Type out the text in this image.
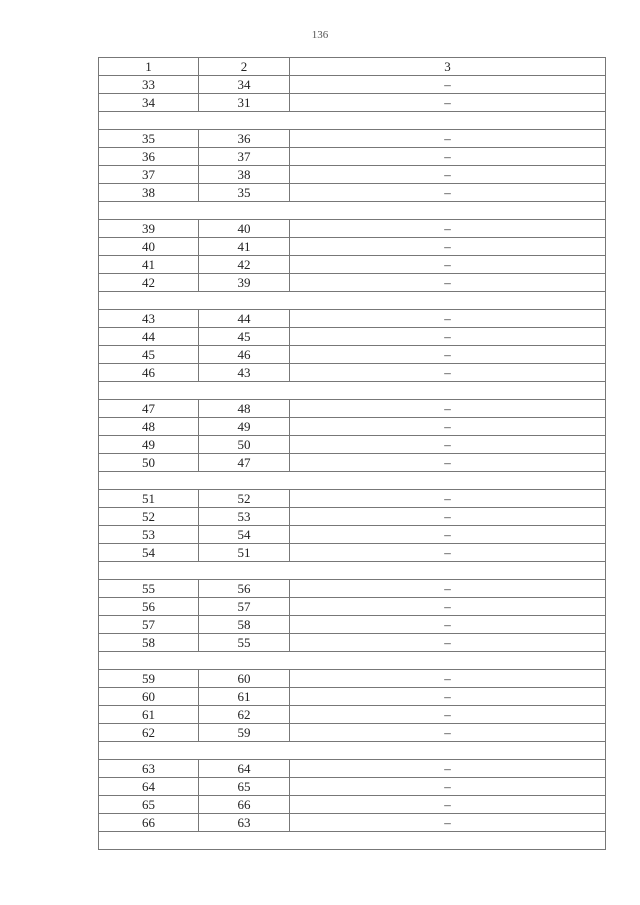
136
1	2	3
33	34	–
34	31	–
35	36	–
36	37	–
37	38	–
38	35	–
39	40	–
40	41	–
41	42	–
42	39	–
43	44	–
44	45	–
45	46	–
46	43	–
47	48	–
48	49	–
49	50	–
50	47	–
51	52	–
52	53	–
53	54	–
54	51	–
55	56	–
56	57	–
57	58	–
58	55	–
59	60	–
60	61	–
61	62	–
62	59	–
63	64	–
64	65	–
65	66	–
66	63	–
